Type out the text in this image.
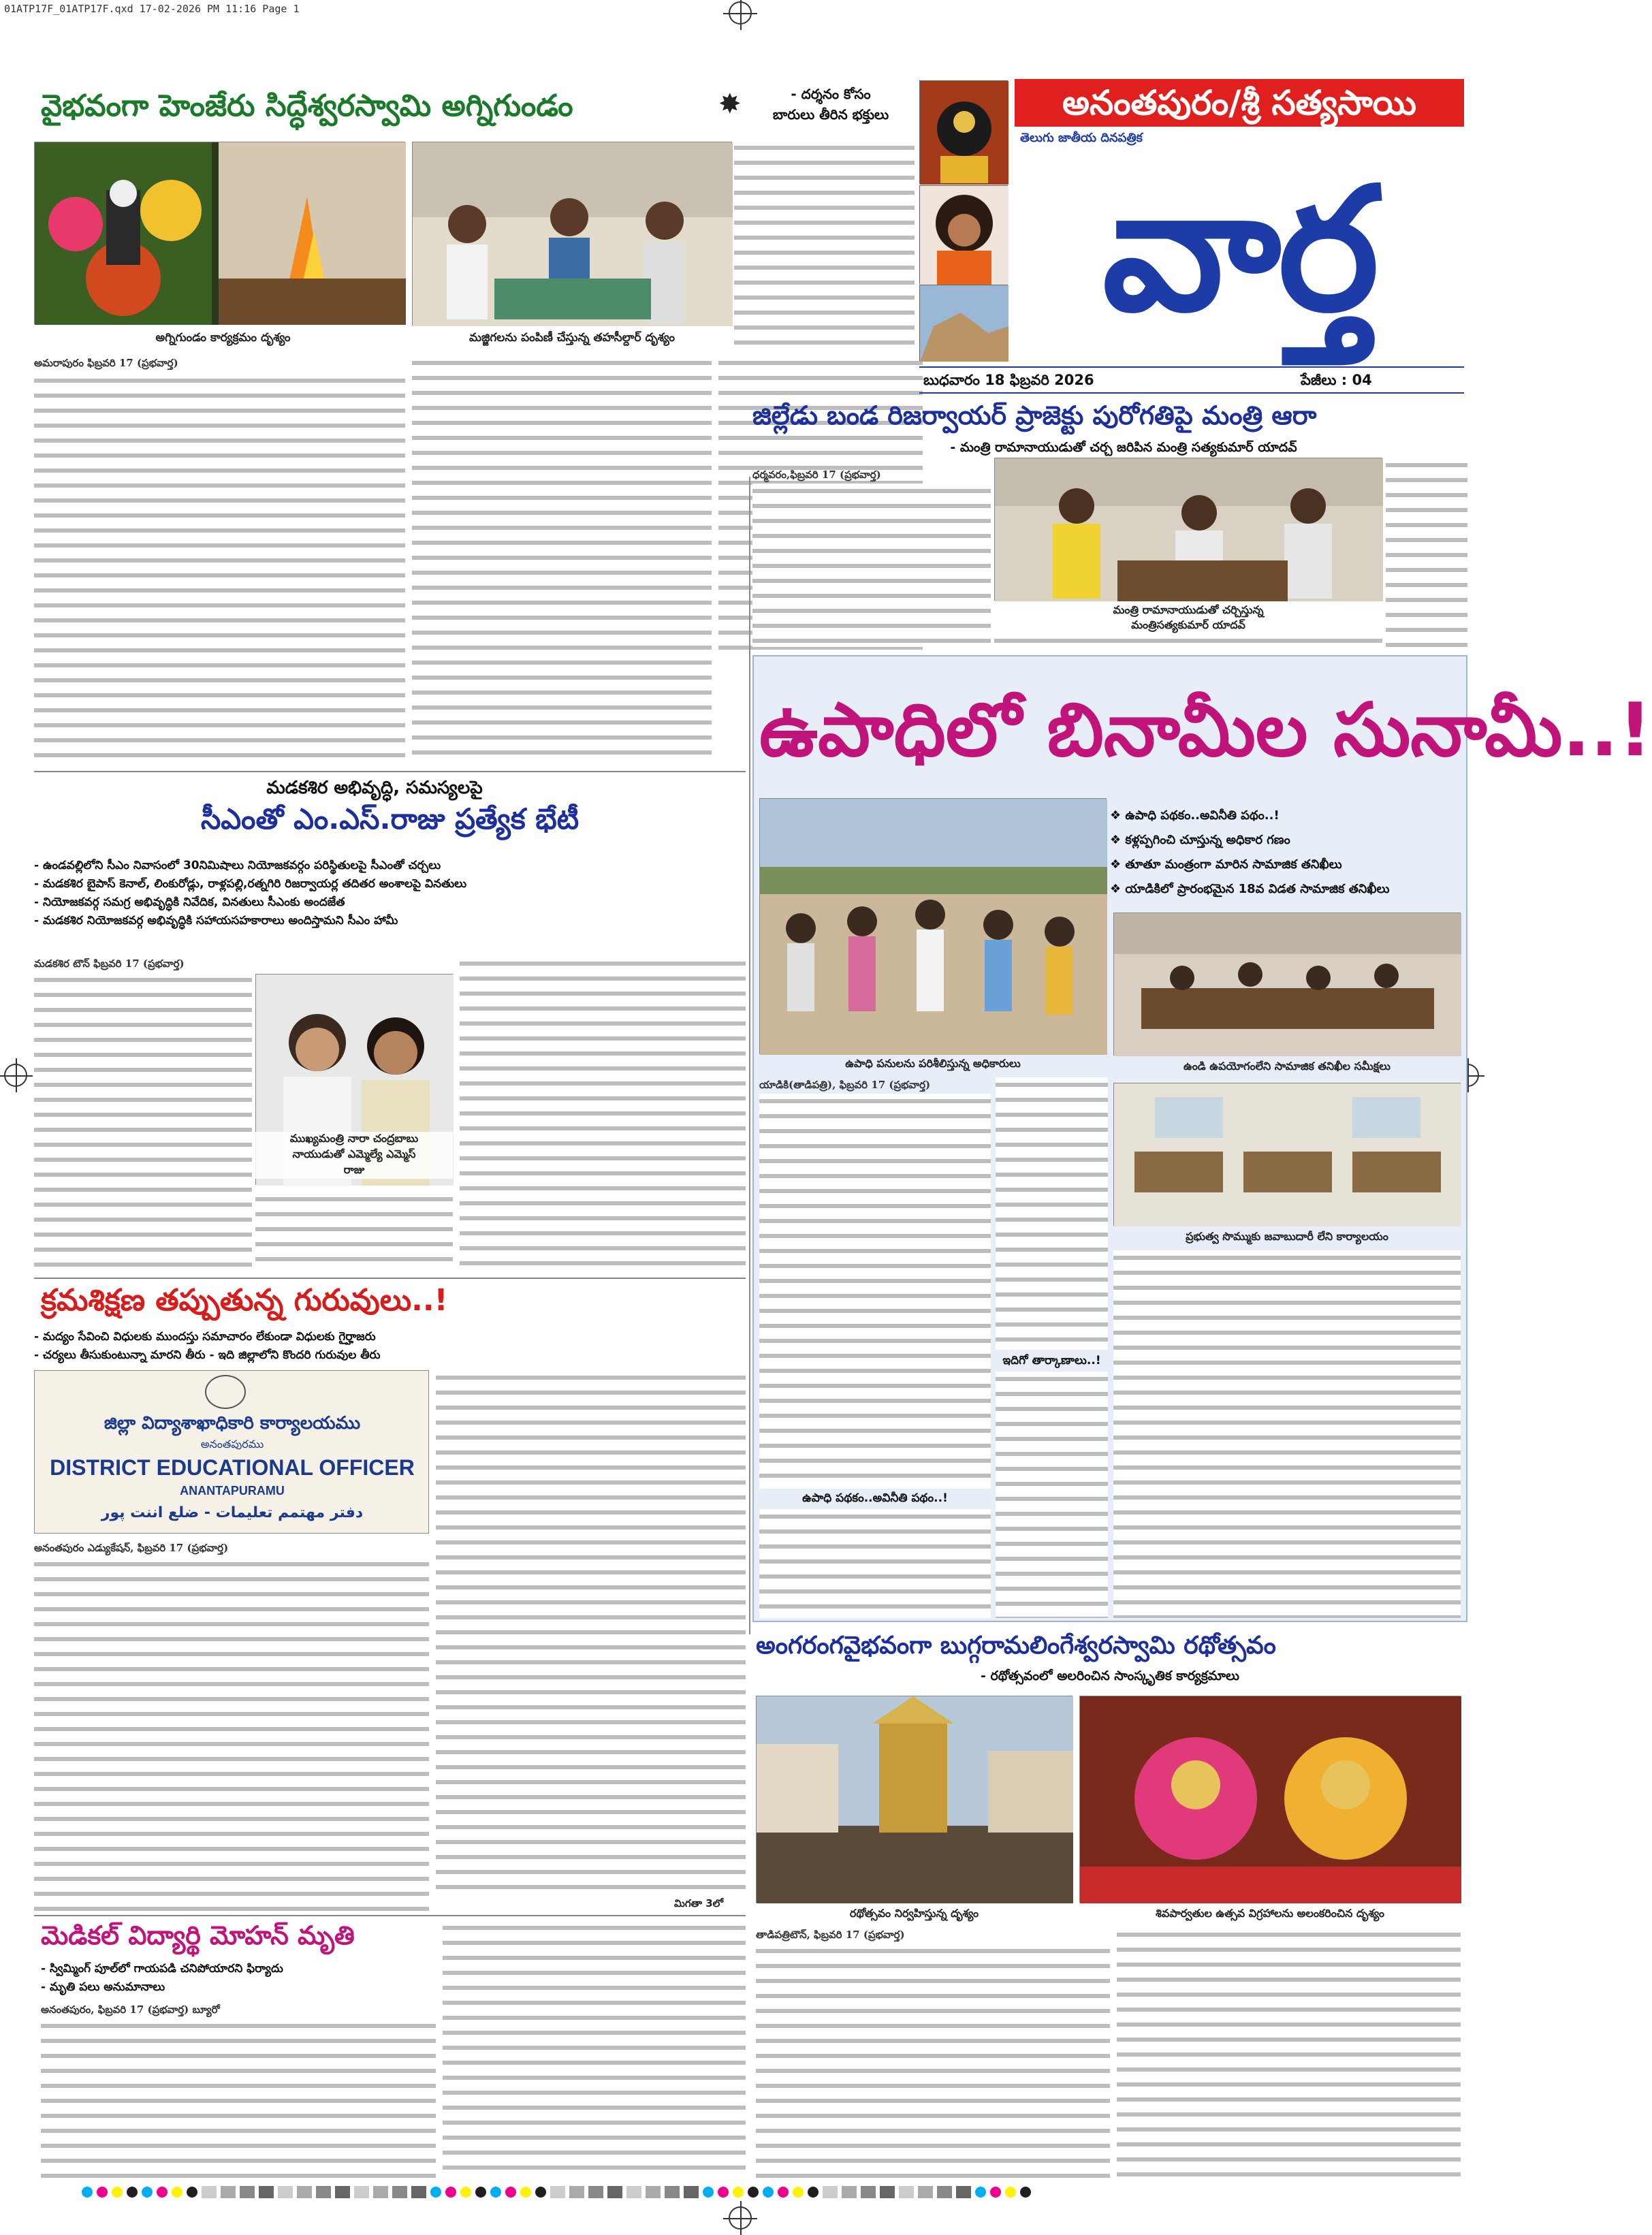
01ATP17F_01ATP17F.qxd 17-02-2026 PM 11:16 Page 1
వైభవంగా హెంజేరు సిద్ధేశ్వరస్వామి అగ్నిగుండం	✸	- దర్శనం కోసం
బారులు తీరిన భక్తులు
అగ్నిగుండం కార్యక్రమం దృశ్యం	మజ్జిగలను పంపిణీ చేస్తున్న తహసీల్దార్ దృశ్యం
అమరాపురం ఫిబ్రవరి 17 (ప్రభవార్త)
అనంతపురం/శ్రీ సత్యసాయి
తెలుగు జాతీయ దినపత్రిక
వార్త
బుధవారం 18 ఫిబ్రవరి 2026	పేజీలు : 04
జిల్లేడు బండ రిజర్వాయర్ ప్రాజెక్టు పురోగతిపై మంత్రి ఆరా
- మంత్రి రామానాయుడుతో చర్చ జరిపిన మంత్రి సత్యకుమార్ యాదవ్
ధర్మవరం,ఫిబ్రవరి 17 (ప్రభవార్త)
మంత్రి రామానాయుడుతో చర్చిస్తున్న
మంత్రిసత్యకుమార్ యాదవ్
మడకశిర అభివృద్ధి, సమస్యలపై
సీఎంతో ఎం.ఎస్.రాజు ప్రత్యేక భేటీ
- ఉండవల్లిలోని సీఎం నివాసంలో 30నిమిషాలు నియోజకవర్గం పరిస్థితులపై సీఎంతో చర్చలు
- మడకశిర బైపాస్ కెనాల్, లింకురోడ్లు, రాళ్లపల్లి,రత్నగిరి రిజర్వాయర్ల తదితర అంశాలపై వినతులు
- నియోజకవర్గ సమగ్ర అభివృద్ధికి నివేదిక, వినతులు సీఎంకు అందజేత
- మడకశిర నియోజకవర్గ అభివృద్ధికి సహాయసహకారాలు అందిస్తామని సీఎం హామీ
మడకశిర టౌన్ ఫిబ్రవరి 17 (ప్రభవార్త)
ముఖ్యమంత్రి నారా చంద్రబాబు
నాయుడుతో ఎమ్మెల్యే ఎమ్మెస్
రాజు
క్రమశిక్షణ తప్పుతున్న గురువులు..!
- మద్యం సేవించి విధులకు ముందస్తు సమాచారం లేకుండా విధులకు గైర్హాజరు
- చర్యలు తీసుకుంటున్నా మారని తీరు - ఇది జిల్లాలోని కొందరి గురువుల తీరు
జిల్లా విద్యాశాఖాధికారి కార్యాలయము
అనంతపురము
DISTRICT EDUCATIONAL OFFICER
ANANTAPURAMU
دفتر مهتمم تعلیمات - ضلع اننت پور
అనంతపురం ఎడ్యుకేషన్, ఫిబ్రవరి 17 (ప్రభవార్త)
మిగతా 3లో
మెడికల్ విద్యార్థి మోహన్ మృతి
- స్విమ్మింగ్ పూల్‌లో గాయపడి చనిపోయారని ఫిర్యాదు
- మృతి పలు అనుమానాలు
అనంతపురం, ఫిబ్రవరి 17 (ప్రభవార్త) బ్యూరో
ఉపాధిలో బినామీల సునామీ..!
ఉపాధి పనులను పరిశీలిస్తున్న అధికారులు
❖ ఉపాధి పథకం..అవినీతి పథం..!
❖ కళ్లప్పగించి చూస్తున్న అధికార గణం
❖ తూతూ మంత్రంగా మారిన సామాజిక తనిఖీలు
❖ యాడికిలో ప్రారంభమైన 18వ విడత సామాజిక తనిఖీలు
ఉండి ఉపయోగంలేని సామాజిక తనిఖీల సమీక్షలు
ప్రభుత్వ సొమ్ముకు జవాబుదారీ లేని కార్యాలయం
యాడికి(తాడిపత్రి), ఫిబ్రవరి 17 (ప్రభవార్త)
ఉపాధి పథకం..అవినీతి పథం..!
ఇదిగో తార్కాణాలు..!
అంగరంగవైభవంగా బుగ్గరామలింగేశ్వరస్వామి రథోత్సవం
- రథోత్సవంలో అలరించిన సాంస్కృతిక కార్యక్రమాలు
రథోత్సవం నిర్వహిస్తున్న దృశ్యం	శివపార్వతుల ఉత్సవ విగ్రహాలను అలంకరించిన దృశ్యం
తాడిపత్రిటౌన్, ఫిబ్రవరి 17 (ప్రభవార్త)
